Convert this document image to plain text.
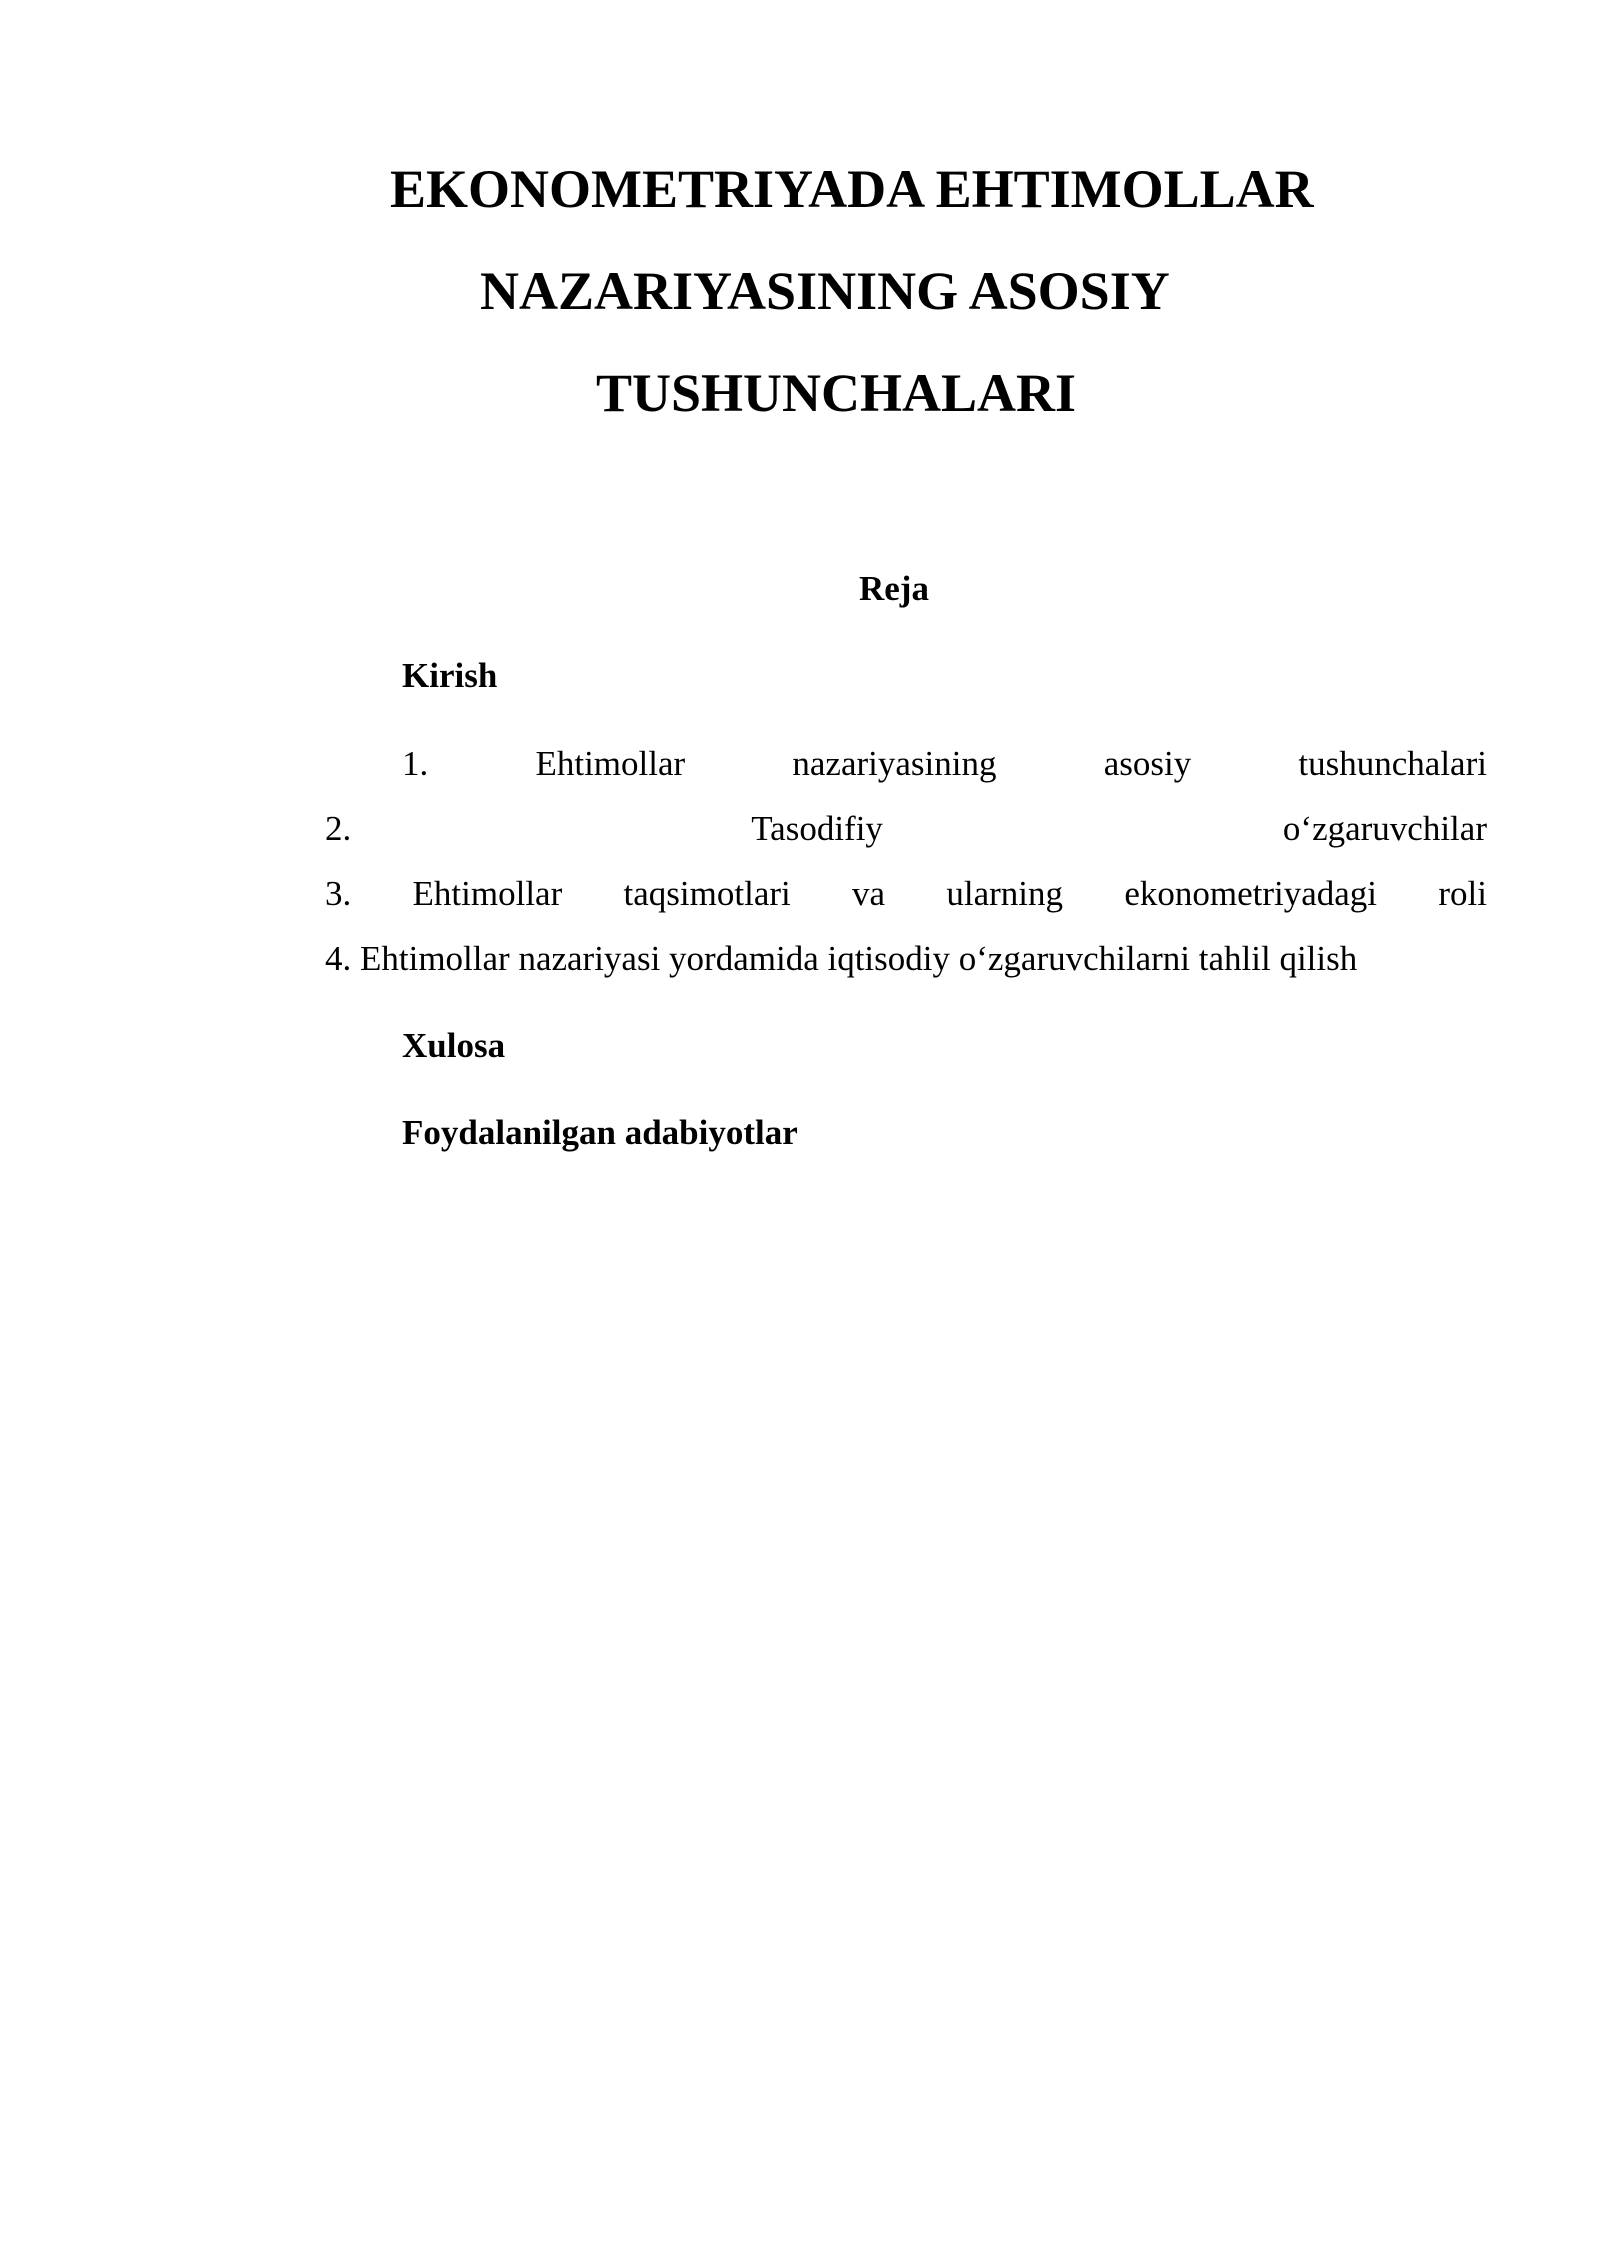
EKONOMETRIYADA EHTIMOLLAR
NAZARIYASINING ASOSIY
TUSHUNCHALARI

Reja

Kirish

1.	Ehtimollar	nazariyasining	asosiy	tushunchalari
2.	Tasodifiy	o‘zgaruvchilar
3. Ehtimollar taqsimotlari va ularning ekonometriyadagi roli
4. Ehtimollar nazariyasi yordamida iqtisodiy o‘zgaruvchilarni tahlil qilish

Xulosa

Foydalanilgan adabiyotlar
